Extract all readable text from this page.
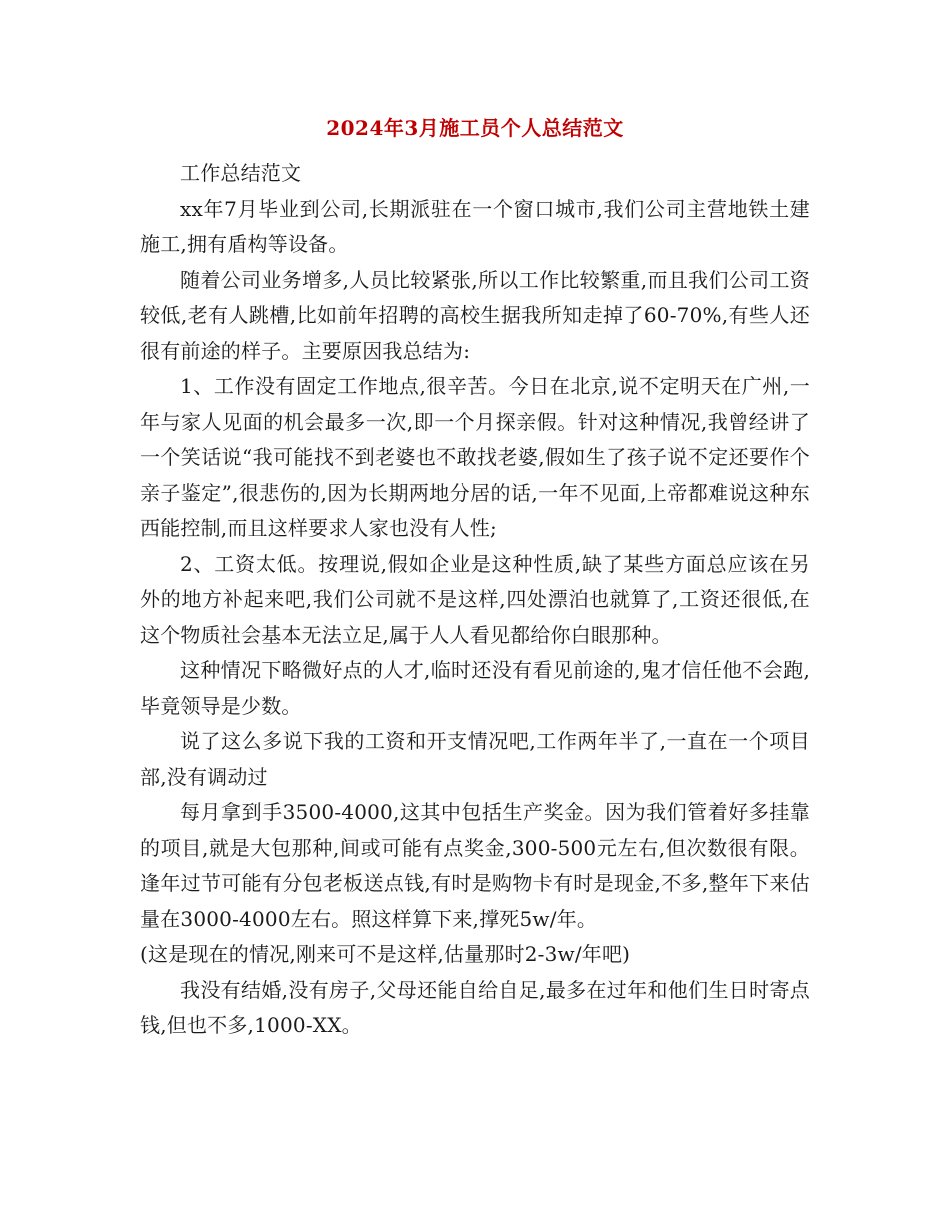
2024年3月施工员个人总结范文

工作总结范文

xx年7月毕业到公司,长期派驻在一个窗口城市,我们公司主营地铁土建施工,拥有盾构等设备。

随着公司业务增多,人员比较紧张,所以工作比较繁重,而且我们公司工资较低,老有人跳槽,比如前年招聘的高校生据我所知走掉了60-70%,有些人还很有前途的样子。主要原因我总结为:

1、工作没有固定工作地点,很辛苦。今日在北京,说不定明天在广州,一年与家人见面的机会最多一次,即一个月探亲假。针对这种情况,我曾经讲了一个笑话说“我可能找不到老婆也不敢找老婆,假如生了孩子说不定还要作个亲子鉴定”,很悲伤的,因为长期两地分居的话,一年不见面,上帝都难说这种东西能控制,而且这样要求人家也没有人性;

2、工资太低。按理说,假如企业是这种性质,缺了某些方面总应该在另外的地方补起来吧,我们公司就不是这样,四处漂泊也就算了,工资还很低,在这个物质社会基本无法立足,属于人人看见都给你白眼那种。

这种情况下略微好点的人才,临时还没有看见前途的,鬼才信任他不会跑,毕竟领导是少数。

说了这么多说下我的工资和开支情况吧,工作两年半了,一直在一个项目部,没有调动过

每月拿到手3500-4000,这其中包括生产奖金。因为我们管着好多挂靠的项目,就是大包那种,间或可能有点奖金,300-500元左右,但次数很有限。逢年过节可能有分包老板送点钱,有时是购物卡有时是现金,不多,整年下来估量在3000-4000左右。照这样算下来,撑死5w/年。

(这是现在的情况,刚来可不是这样,估量那时2-3w/年吧)

我没有结婚,没有房子,父母还能自给自足,最多在过年和他们生日时寄点钱,但也不多,1000-XX。
